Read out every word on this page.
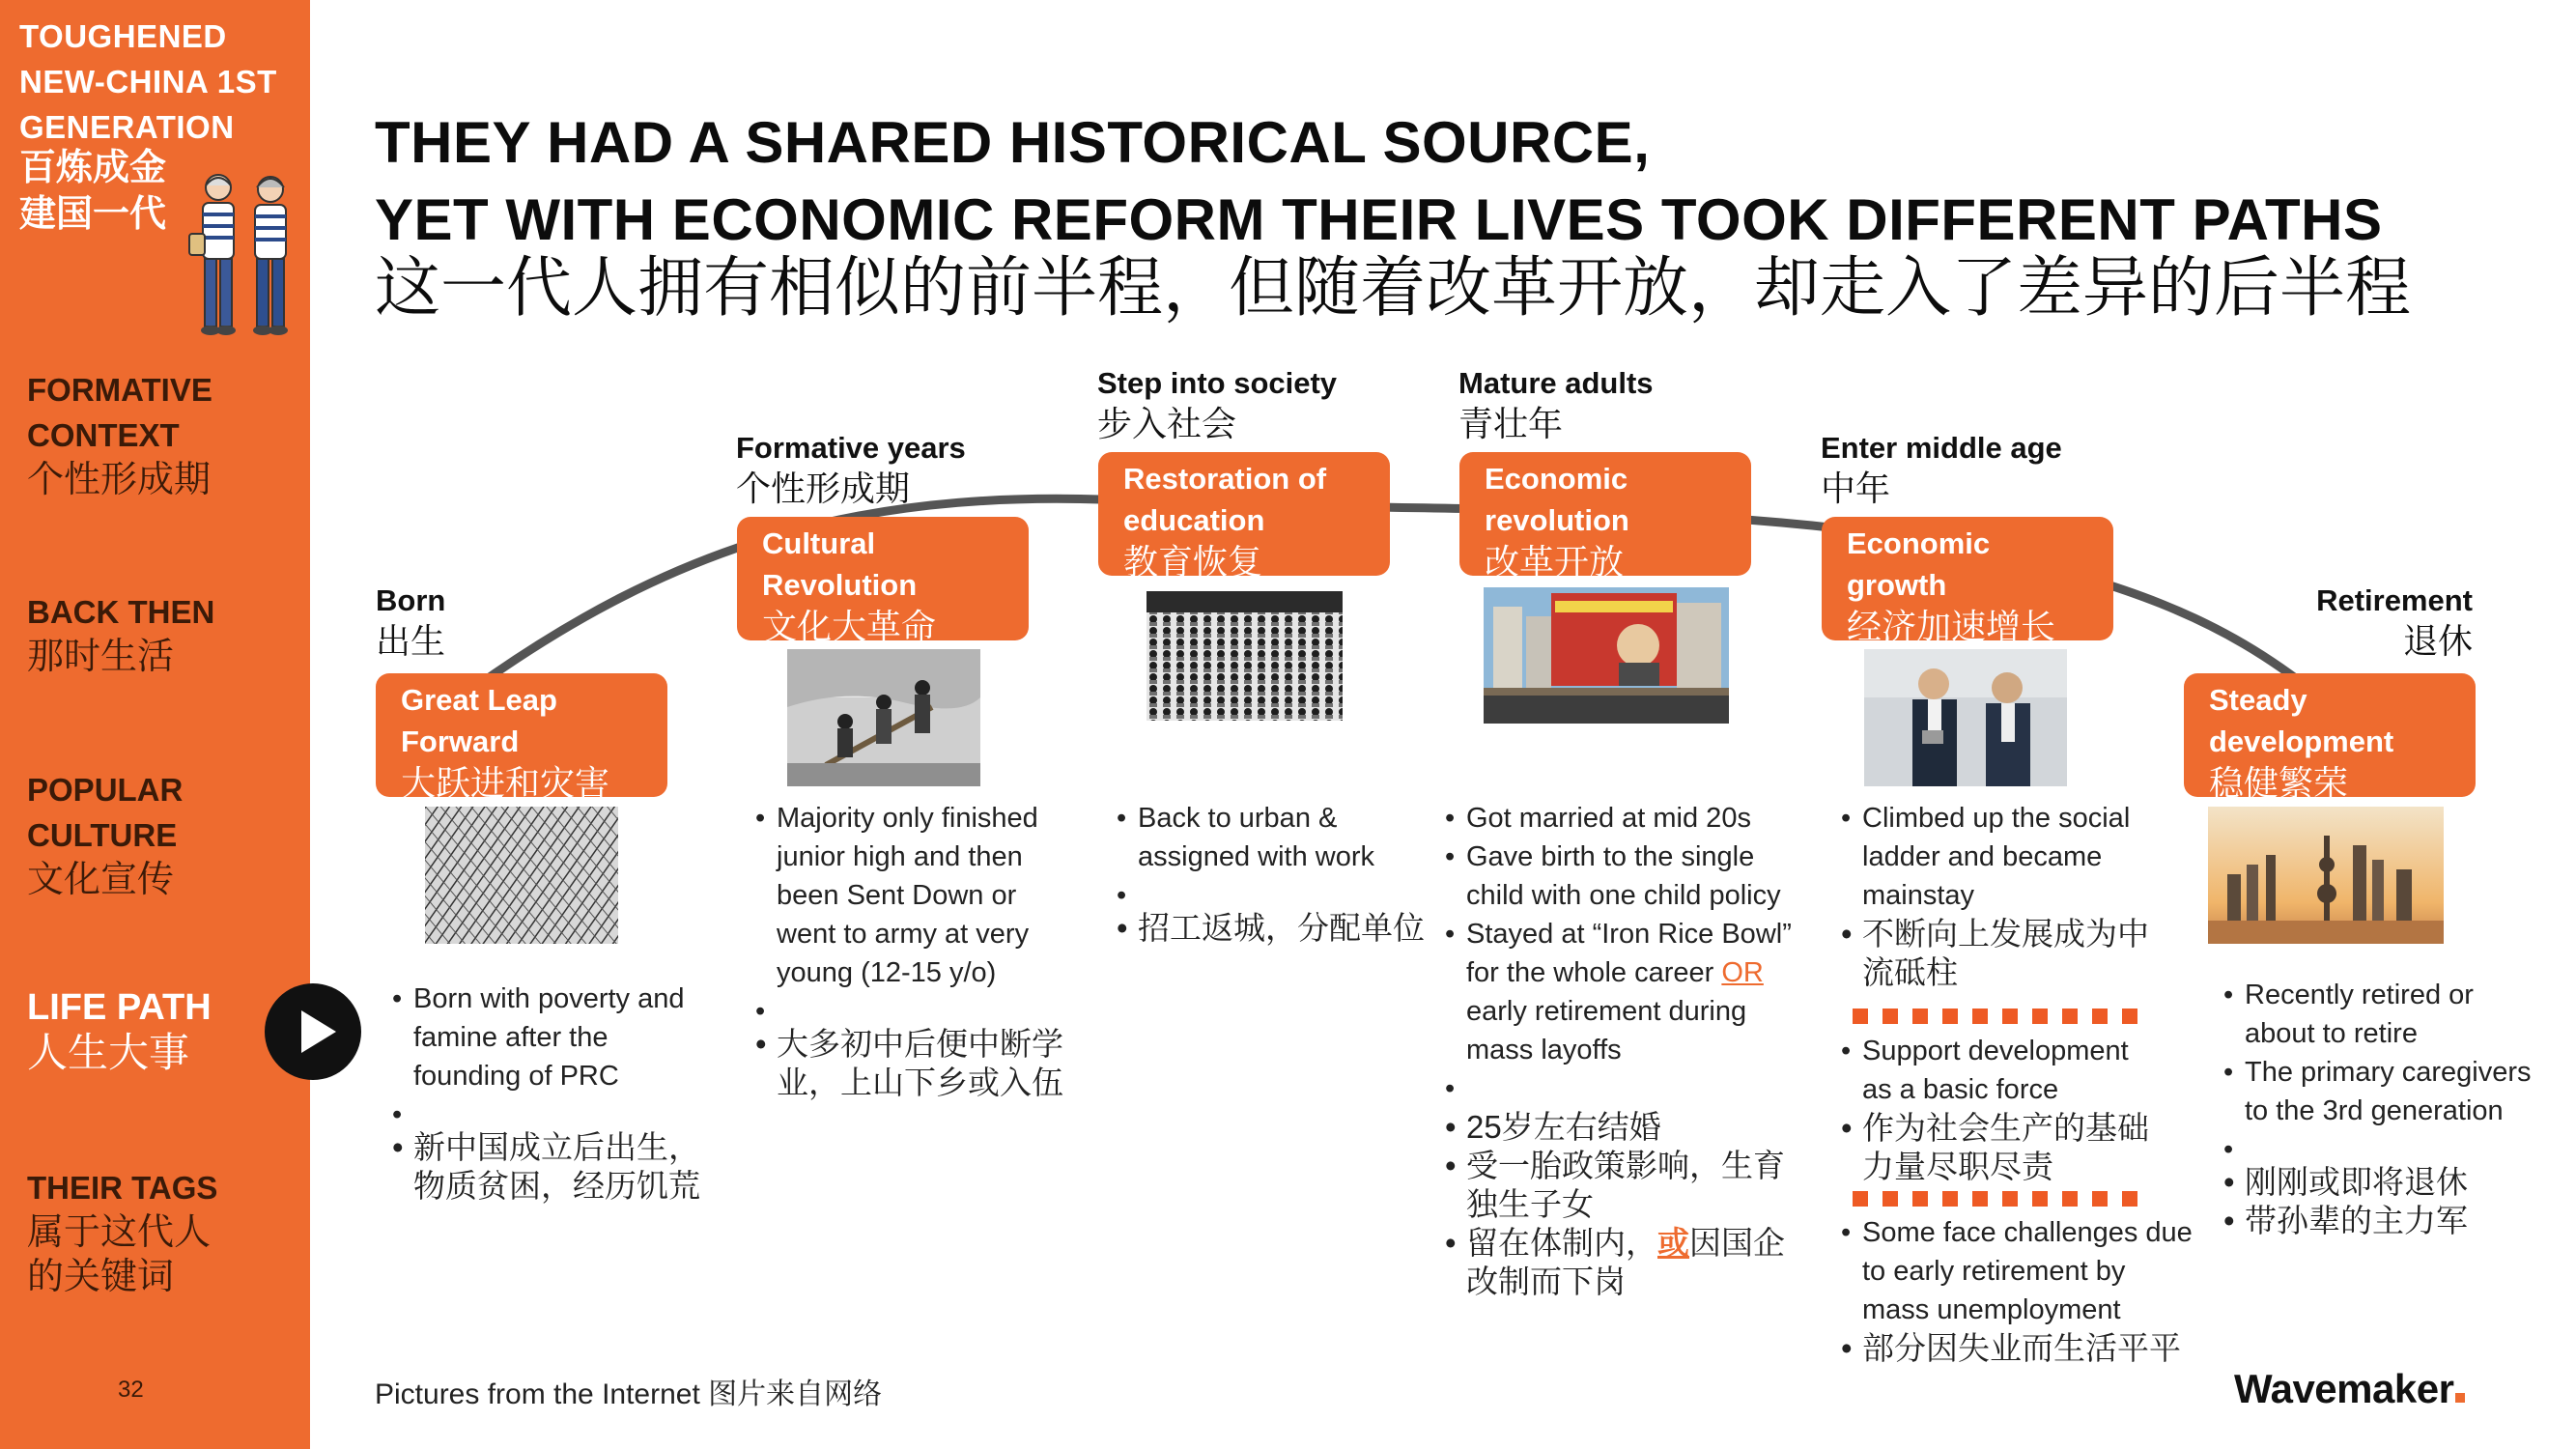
TOUGHENED
NEW-CHINA 1ST
GENERATION
百炼成金
建国一代
FORMATIVE
CONTEXT
个性形成期
BACK THEN
那时生活
POPULAR
CULTURE
文化宣传
LIFE PATH
人生大事
THEIR TAGS
属于这代人
的关键词
32
THEY HAD A SHARED HISTORICAL SOURCE,
YET WITH ECONOMIC REFORM THEIR LIVES TOOK DIFFERENT PATHS
这一代人拥有相似的前半程，但随着改革开放，却走入了差异的后半程
Born
出生
Formative years
个性形成期
Step into society
步入社会
Mature adults
青壮年
Enter middle age
中年
Retirement
退休
Great Leap
Forward
大跃进和灾害
Cultural
Revolution
文化大革命
Restoration of
education
教育恢复
Economic
revolution
改革开放	Economic
growth
经济加速增长
Steady
development
稳健繁荣
• Born with poverty and
famine after the
founding of PRC
•
• 新中国成立后出生，
物质贫困，经历饥荒
• Majority only finished
junior high and then
been Sent Down or
went to army at very
young (12-15 y/o)
•
• 大多初中后便中断学
业，上山下乡或入伍
• Back to urban &
assigned with work
•
• 招工返城，分配单位
• Got married at mid 20s
• Gave birth to the single
child with one child policy
• Stayed at “Iron Rice Bowl”
for the whole career OR
early retirement during
mass layoffs
•
• 25岁左右结婚
• 受一胎政策影响，生育
独生子女
• 留在体制内，或因国企
改制而下岗
• Climbed up the social
ladder and became
mainstay
• 不断向上发展成为中
流砥柱
• Support development
as a basic force
• 作为社会生产的基础
力量尽职尽责
• Some face challenges due
to early retirement by
mass unemployment
• 部分因失业而生活平平
• Recently retired or
about to retire
• The primary caregivers
to the 3rd generation
•
• 刚刚或即将退休
• 带孙辈的主力军
Pictures from the Internet 图片来自网络	Wavemaker
